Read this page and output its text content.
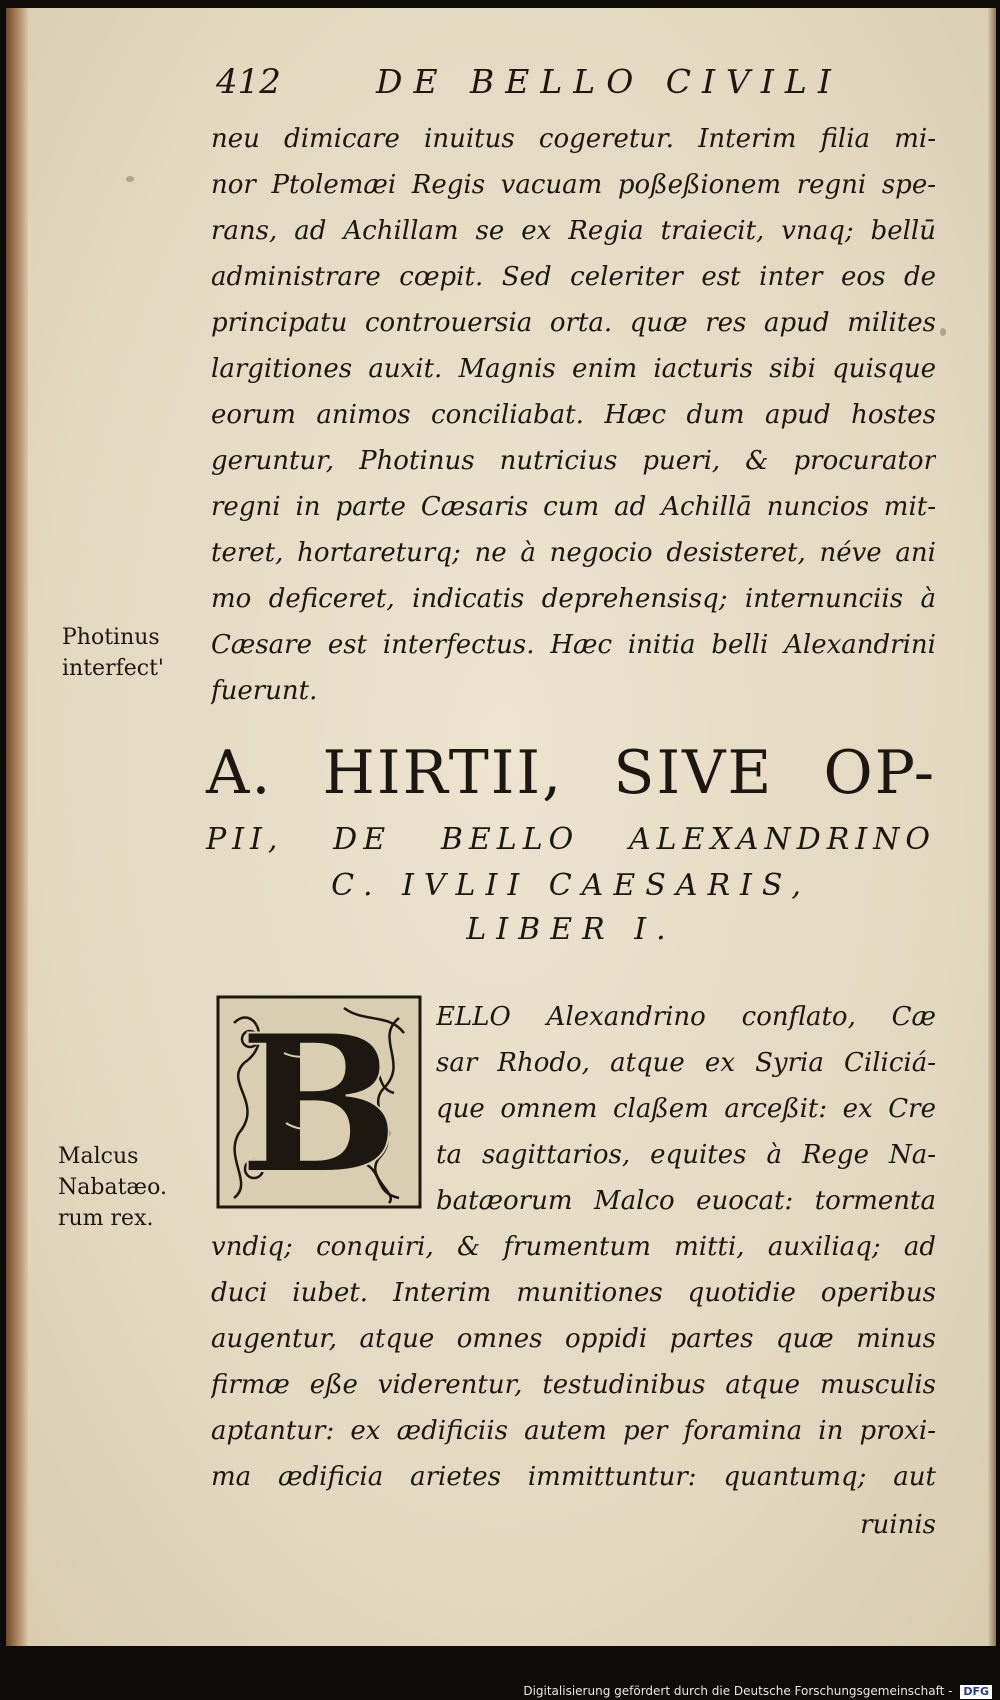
412	DE BELLO CIVILI

neu dimicare inuitus cogeretur. Interim filia mi-

nor Ptolemæi Regis vacuam poßeßionem regni spe-

rans, ad Achillam se ex Regia traiecit, vnaq; bellū

administrare cœpit. Sed celeriter est inter eos de

principatu controuersia orta. quæ res apud milites

largitiones auxit. Magnis enim iacturis sibi quisque

eorum animos conciliabat. Hæc dum apud hostes

geruntur, Photinus nutricius pueri, & procurator

regni in parte Cæsaris cum ad Achillā nuncios mit-

teret, hortareturq; ne à negocio desisteret, néve ani

mo deficeret, indicatis deprehensisq; internunciis à

Cæsare est interfectus. Hæc initia belli Alexandrini

fuerunt.

Photinus
interfect'
A. HIRTII, SIVE OP-
PII, DE BELLO ALEXANDRINO
C. IVLII CAESARIS,
LIBER I.
B ELLO Alexandrino conflato, Cæ

sar Rhodo, atque ex Syria Ciliciá-

que omnem claßem arceßit: ex Cre

ta sagittarios, equites à Rege Na-

batæorum Malco euocat: tormenta

Malcus
Nabatæo.
rum rex.

vndiq; conquiri, & frumentum mitti, auxiliaq; ad

duci iubet. Interim munitiones quotidie operibus

augentur, atque omnes oppidi partes quæ minus

firmæ eße viderentur, testudinibus atque musculis

aptantur: ex ædificiis autem per foramina in proxi-

ma ædificia arietes immittuntur: quantumq; aut

ruinis

Digitalisierung gefördert durch die Deutsche Forschungsgemeinschaft - DFG
